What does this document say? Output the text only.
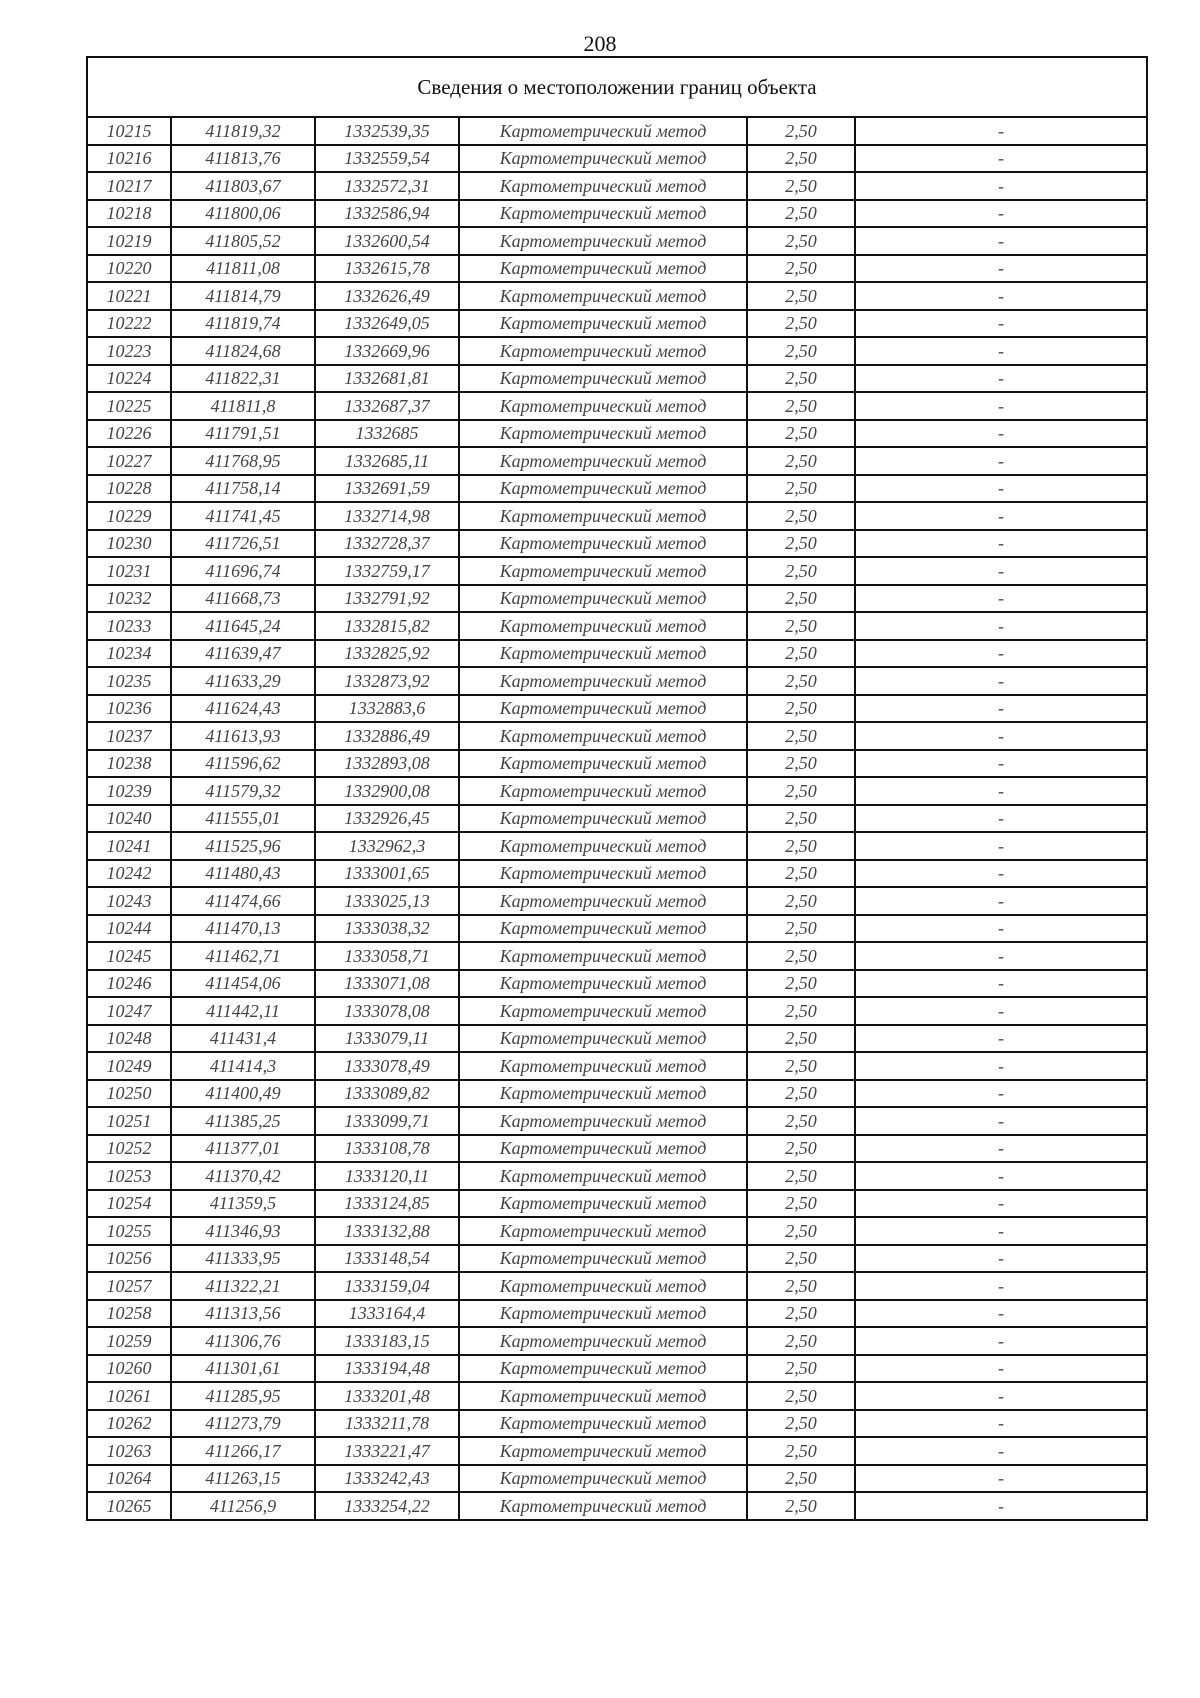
208
Сведения о местоположении границ объекта					
10215	411819,32	1332539,35	Картометрический метод	2,50	-
10216	411813,76	1332559,54	Картометрический метод	2,50	-
10217	411803,67	1332572,31	Картометрический метод	2,50	-
10218	411800,06	1332586,94	Картометрический метод	2,50	-
10219	411805,52	1332600,54	Картометрический метод	2,50	-
10220	411811,08	1332615,78	Картометрический метод	2,50	-
10221	411814,79	1332626,49	Картометрический метод	2,50	-
10222	411819,74	1332649,05	Картометрический метод	2,50	-
10223	411824,68	1332669,96	Картометрический метод	2,50	-
10224	411822,31	1332681,81	Картометрический метод	2,50	-
10225	411811,8	1332687,37	Картометрический метод	2,50	-
10226	411791,51	1332685	Картометрический метод	2,50	-
10227	411768,95	1332685,11	Картометрический метод	2,50	-
10228	411758,14	1332691,59	Картометрический метод	2,50	-
10229	411741,45	1332714,98	Картометрический метод	2,50	-
10230	411726,51	1332728,37	Картометрический метод	2,50	-
10231	411696,74	1332759,17	Картометрический метод	2,50	-
10232	411668,73	1332791,92	Картометрический метод	2,50	-
10233	411645,24	1332815,82	Картометрический метод	2,50	-
10234	411639,47	1332825,92	Картометрический метод	2,50	-
10235	411633,29	1332873,92	Картометрический метод	2,50	-
10236	411624,43	1332883,6	Картометрический метод	2,50	-
10237	411613,93	1332886,49	Картометрический метод	2,50	-
10238	411596,62	1332893,08	Картометрический метод	2,50	-
10239	411579,32	1332900,08	Картометрический метод	2,50	-
10240	411555,01	1332926,45	Картометрический метод	2,50	-
10241	411525,96	1332962,3	Картометрический метод	2,50	-
10242	411480,43	1333001,65	Картометрический метод	2,50	-
10243	411474,66	1333025,13	Картометрический метод	2,50	-
10244	411470,13	1333038,32	Картометрический метод	2,50	-
10245	411462,71	1333058,71	Картометрический метод	2,50	-
10246	411454,06	1333071,08	Картометрический метод	2,50	-
10247	411442,11	1333078,08	Картометрический метод	2,50	-
10248	411431,4	1333079,11	Картометрический метод	2,50	-
10249	411414,3	1333078,49	Картометрический метод	2,50	-
10250	411400,49	1333089,82	Картометрический метод	2,50	-
10251	411385,25	1333099,71	Картометрический метод	2,50	-
10252	411377,01	1333108,78	Картометрический метод	2,50	-
10253	411370,42	1333120,11	Картометрический метод	2,50	-
10254	411359,5	1333124,85	Картометрический метод	2,50	-
10255	411346,93	1333132,88	Картометрический метод	2,50	-
10256	411333,95	1333148,54	Картометрический метод	2,50	-
10257	411322,21	1333159,04	Картометрический метод	2,50	-
10258	411313,56	1333164,4	Картометрический метод	2,50	-
10259	411306,76	1333183,15	Картометрический метод	2,50	-
10260	411301,61	1333194,48	Картометрический метод	2,50	-
10261	411285,95	1333201,48	Картометрический метод	2,50	-
10262	411273,79	1333211,78	Картометрический метод	2,50	-
10263	411266,17	1333221,47	Картометрический метод	2,50	-
10264	411263,15	1333242,43	Картометрический метод	2,50	-
10265	411256,9	1333254,22	Картометрический метод	2,50	-
